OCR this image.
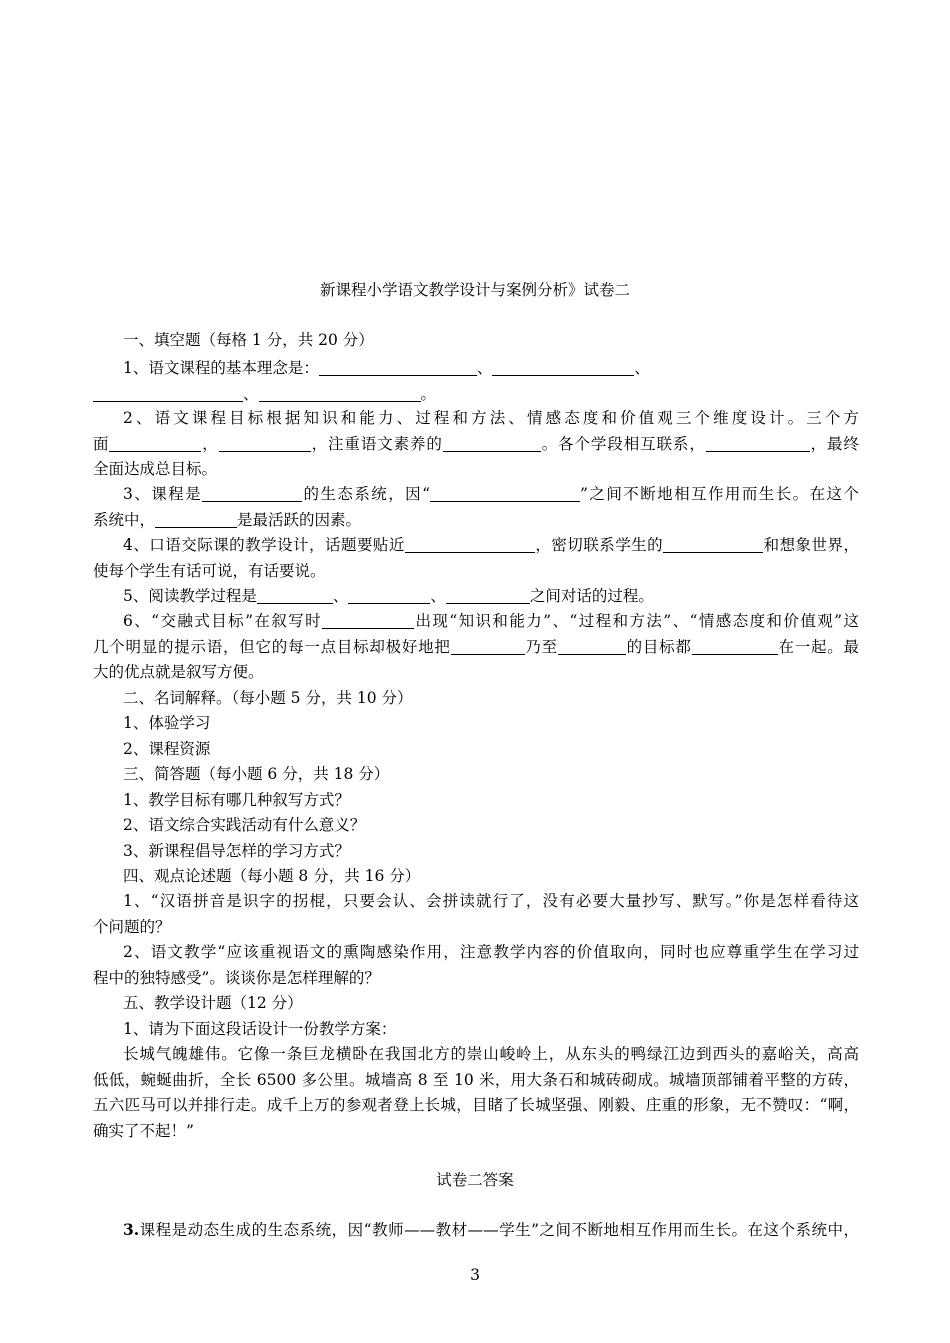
新课程小学语文教学设计与案例分析》试卷二
一、填空题（每格 1 分，共 20 分）
1、语文课程的基本理念是：	、	、
、	。
2、语文课程目标根据知识和能力、过程和方法、情感态度和价值观三个维度设计。三个方
面	，	，注重语文素养的	。各个学段相互联系，	，最终
全面达成总目标。
3、课程是	的生态系统，因“	”之间不断地相互作用而生长。在这个
系统中，	是最活跃的因素。
4、口语交际课的教学设计，话题要贴近	，密切联系学生的	和想象世界，
使每个学生有话可说，有话要说。
5、阅读教学过程是	、	、	之间对话的过程。
6、“交融式目标”在叙写时	出现“知识和能力”、“过程和方法”、“情感态度和价值观”这
几个明显的提示语，但它的每一点目标却极好地把	乃至	的目标都	在一起。最
大的优点就是叙写方便。
二、名词解释。（每小题 5 分，共 10 分）
1、体验学习
2、课程资源
三、简答题（每小题 6 分，共 18 分）
1、教学目标有哪几种叙写方式？
2、语文综合实践活动有什么意义？
3、新课程倡导怎样的学习方式？
四、观点论述题（每小题 8 分，共 16 分）
1、“汉语拼音是识字的拐棍，只要会认、会拼读就行了，没有必要大量抄写、默写。”你是怎样看待这
个问题的？
2、语文教学“应该重视语文的熏陶感染作用，注意教学内容的价值取向，同时也应尊重学生在学习过
程中的独特感受”。谈谈你是怎样理解的？
五、教学设计题（12 分）
1、请为下面这段话设计一份教学方案：
长城气魄雄伟。它像一条巨龙横卧在我国北方的崇山峻岭上，从东头的鸭绿江边到西头的嘉峪关，高高
低低，蜿蜒曲折，全长 6500 多公里。城墙高 8 至 10 米，用大条石和城砖砌成。城墙顶部铺着平整的方砖，
五六匹马可以并排行走。成千上万的参观者登上长城，目睹了长城坚强、刚毅、庄重的形象，无不赞叹：“啊，
确实了不起！”
试卷二答案
3.课程是动态生成的生态系统，因“教师——教材——学生”之间不断地相互作用而生长。在这个系统中，
3
